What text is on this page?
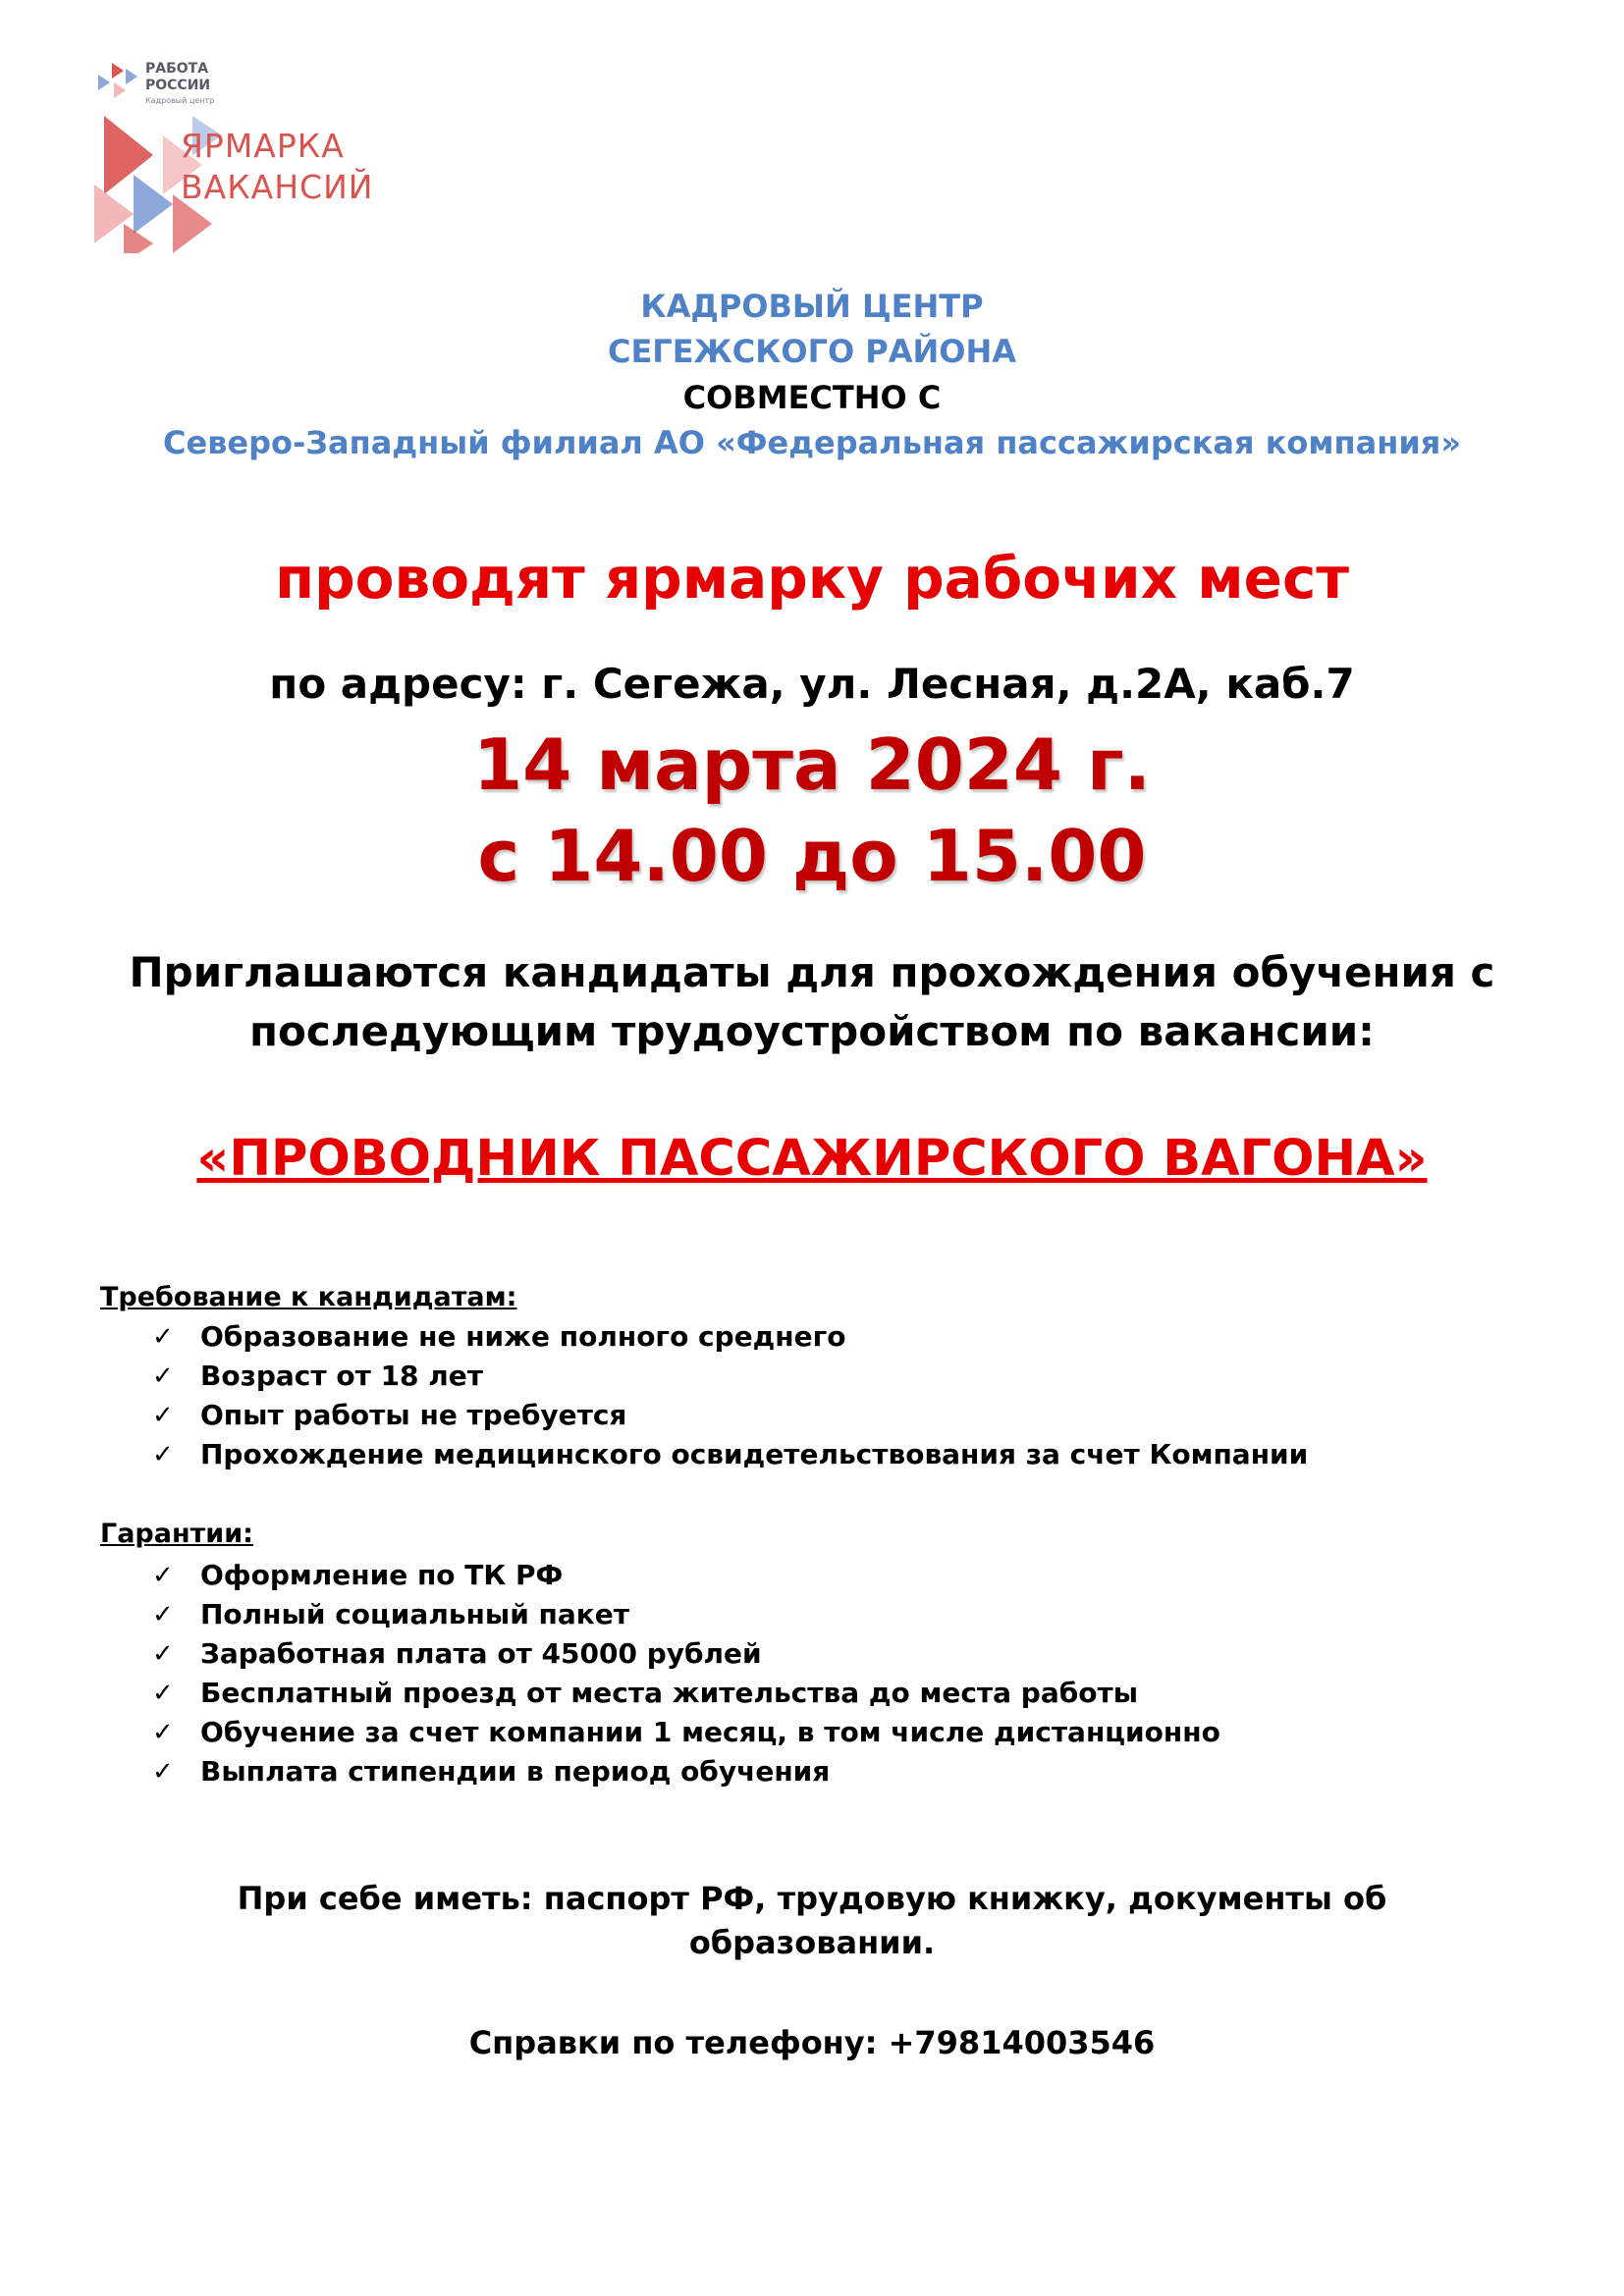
РАБОТА
РОССИИ
Кадровый центр
ЯРМАРКА
ВАКАНСИЙ
КАДРОВЫЙ ЦЕНТР
СЕГЕЖСКОГО РАЙОНА
СОВМЕСТНО С
Северо-Западный филиал АО «Федеральная пассажирская компания»
проводят ярмарку рабочих мест
по адресу: г. Сегежа, ул. Лесная, д.2А, каб.7
14 марта 2024 г.
с 14.00 до 15.00
Приглашаются кандидаты для прохождения обучения с
последующим трудоустройством по вакансии:
«ПРОВОДНИК ПАССАЖИРСКОГО ВАГОНА»
Требование к кандидатам:
✓ Образование не ниже полного среднего
✓ Возраст от 18 лет
✓ Опыт работы не требуется
✓ Прохождение медицинского освидетельствования за счет Компании
Гарантии:
✓ Оформление по ТК РФ
✓ Полный социальный пакет
✓ Заработная плата от 45000 рублей
✓ Бесплатный проезд от места жительства до места работы
✓ Обучение за счет компании 1 месяц, в том числе дистанционно
✓ Выплата стипендии в период обучения
При себе иметь: паспорт РФ, трудовую книжку, документы об
образовании.
Справки по телефону: +79814003546
